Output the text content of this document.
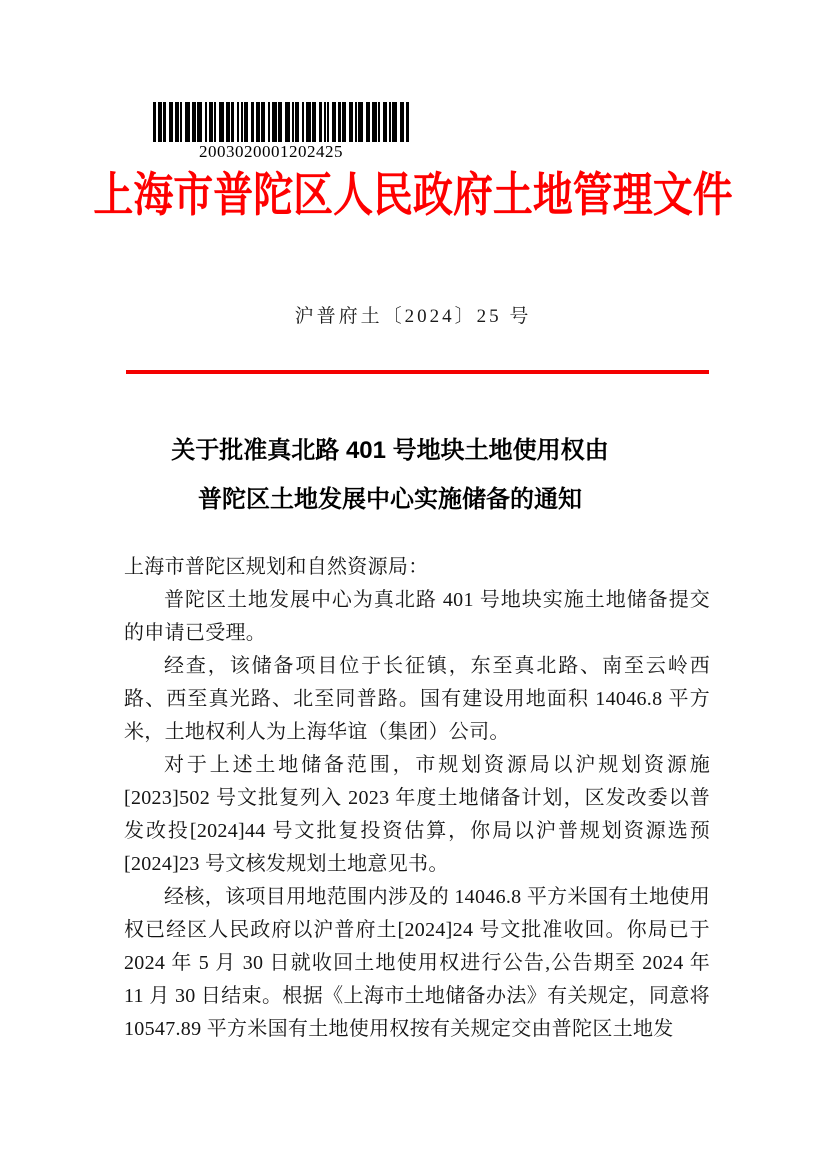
2003020001202425
上海市普陀区人民政府土地管理文件
沪普府土〔2024〕25 号
关于批准真北路 401 号地块土地使用权由
普陀区土地发展中心实施储备的通知

上海市普陀区规划和自然资源局：

普陀区土地发展中心为真北路 401 号地块实施土地储备提交的申请已受理。

经查，该储备项目位于长征镇，东至真北路、南至云岭西路、西至真光路、北至同普路。国有建设用地面积 14046.8 平方米，土地权利人为上海华谊（集团）公司。

对于上述土地储备范围，市规划资源局以沪规划资源施[2023]502 号文批复列入 2023 年度土地储备计划，区发改委以普发改投[2024]44 号文批复投资估算，你局以沪普规划资源选预[2024]23 号文核发规划土地意见书。

经核，该项目用地范围内涉及的 14046.8 平方米国有土地使用权已经区人民政府以沪普府土[2024]24 号文批准收回。你局已于 2024 年 5 月 30 日就收回土地使用权进行公告,公告期至 2024 年 11 月 30 日结束。根据《上海市土地储备办法》有关规定，同意将 10547.89 平方米国有土地使用权按有关规定交由普陀区土地发
